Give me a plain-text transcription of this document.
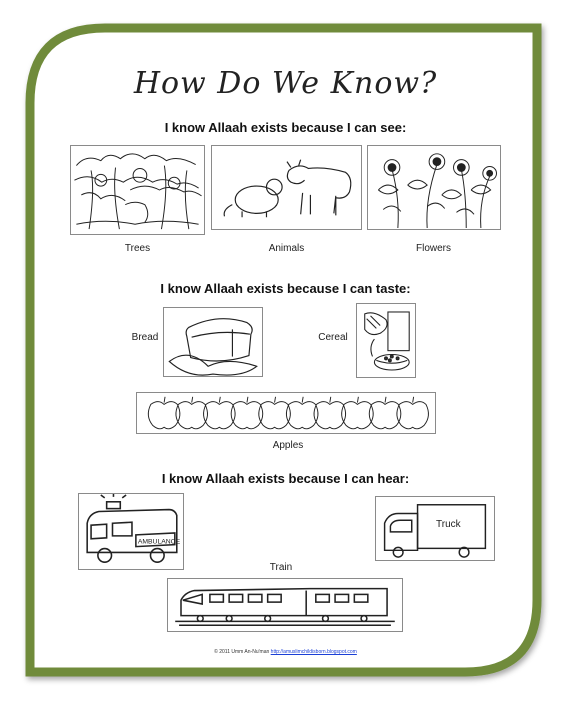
How Do We Know?
I know Allaah exists because I can see:
Trees	Animals	Flowers
I know Allaah exists because I can taste:
Bread	Cereal
Apples
I know Allaah exists because I can hear:
AMBULANCE
Truck
Train
© 2011 Umm An-Nu'man http://amuslimchildisborn.blogspot.com
